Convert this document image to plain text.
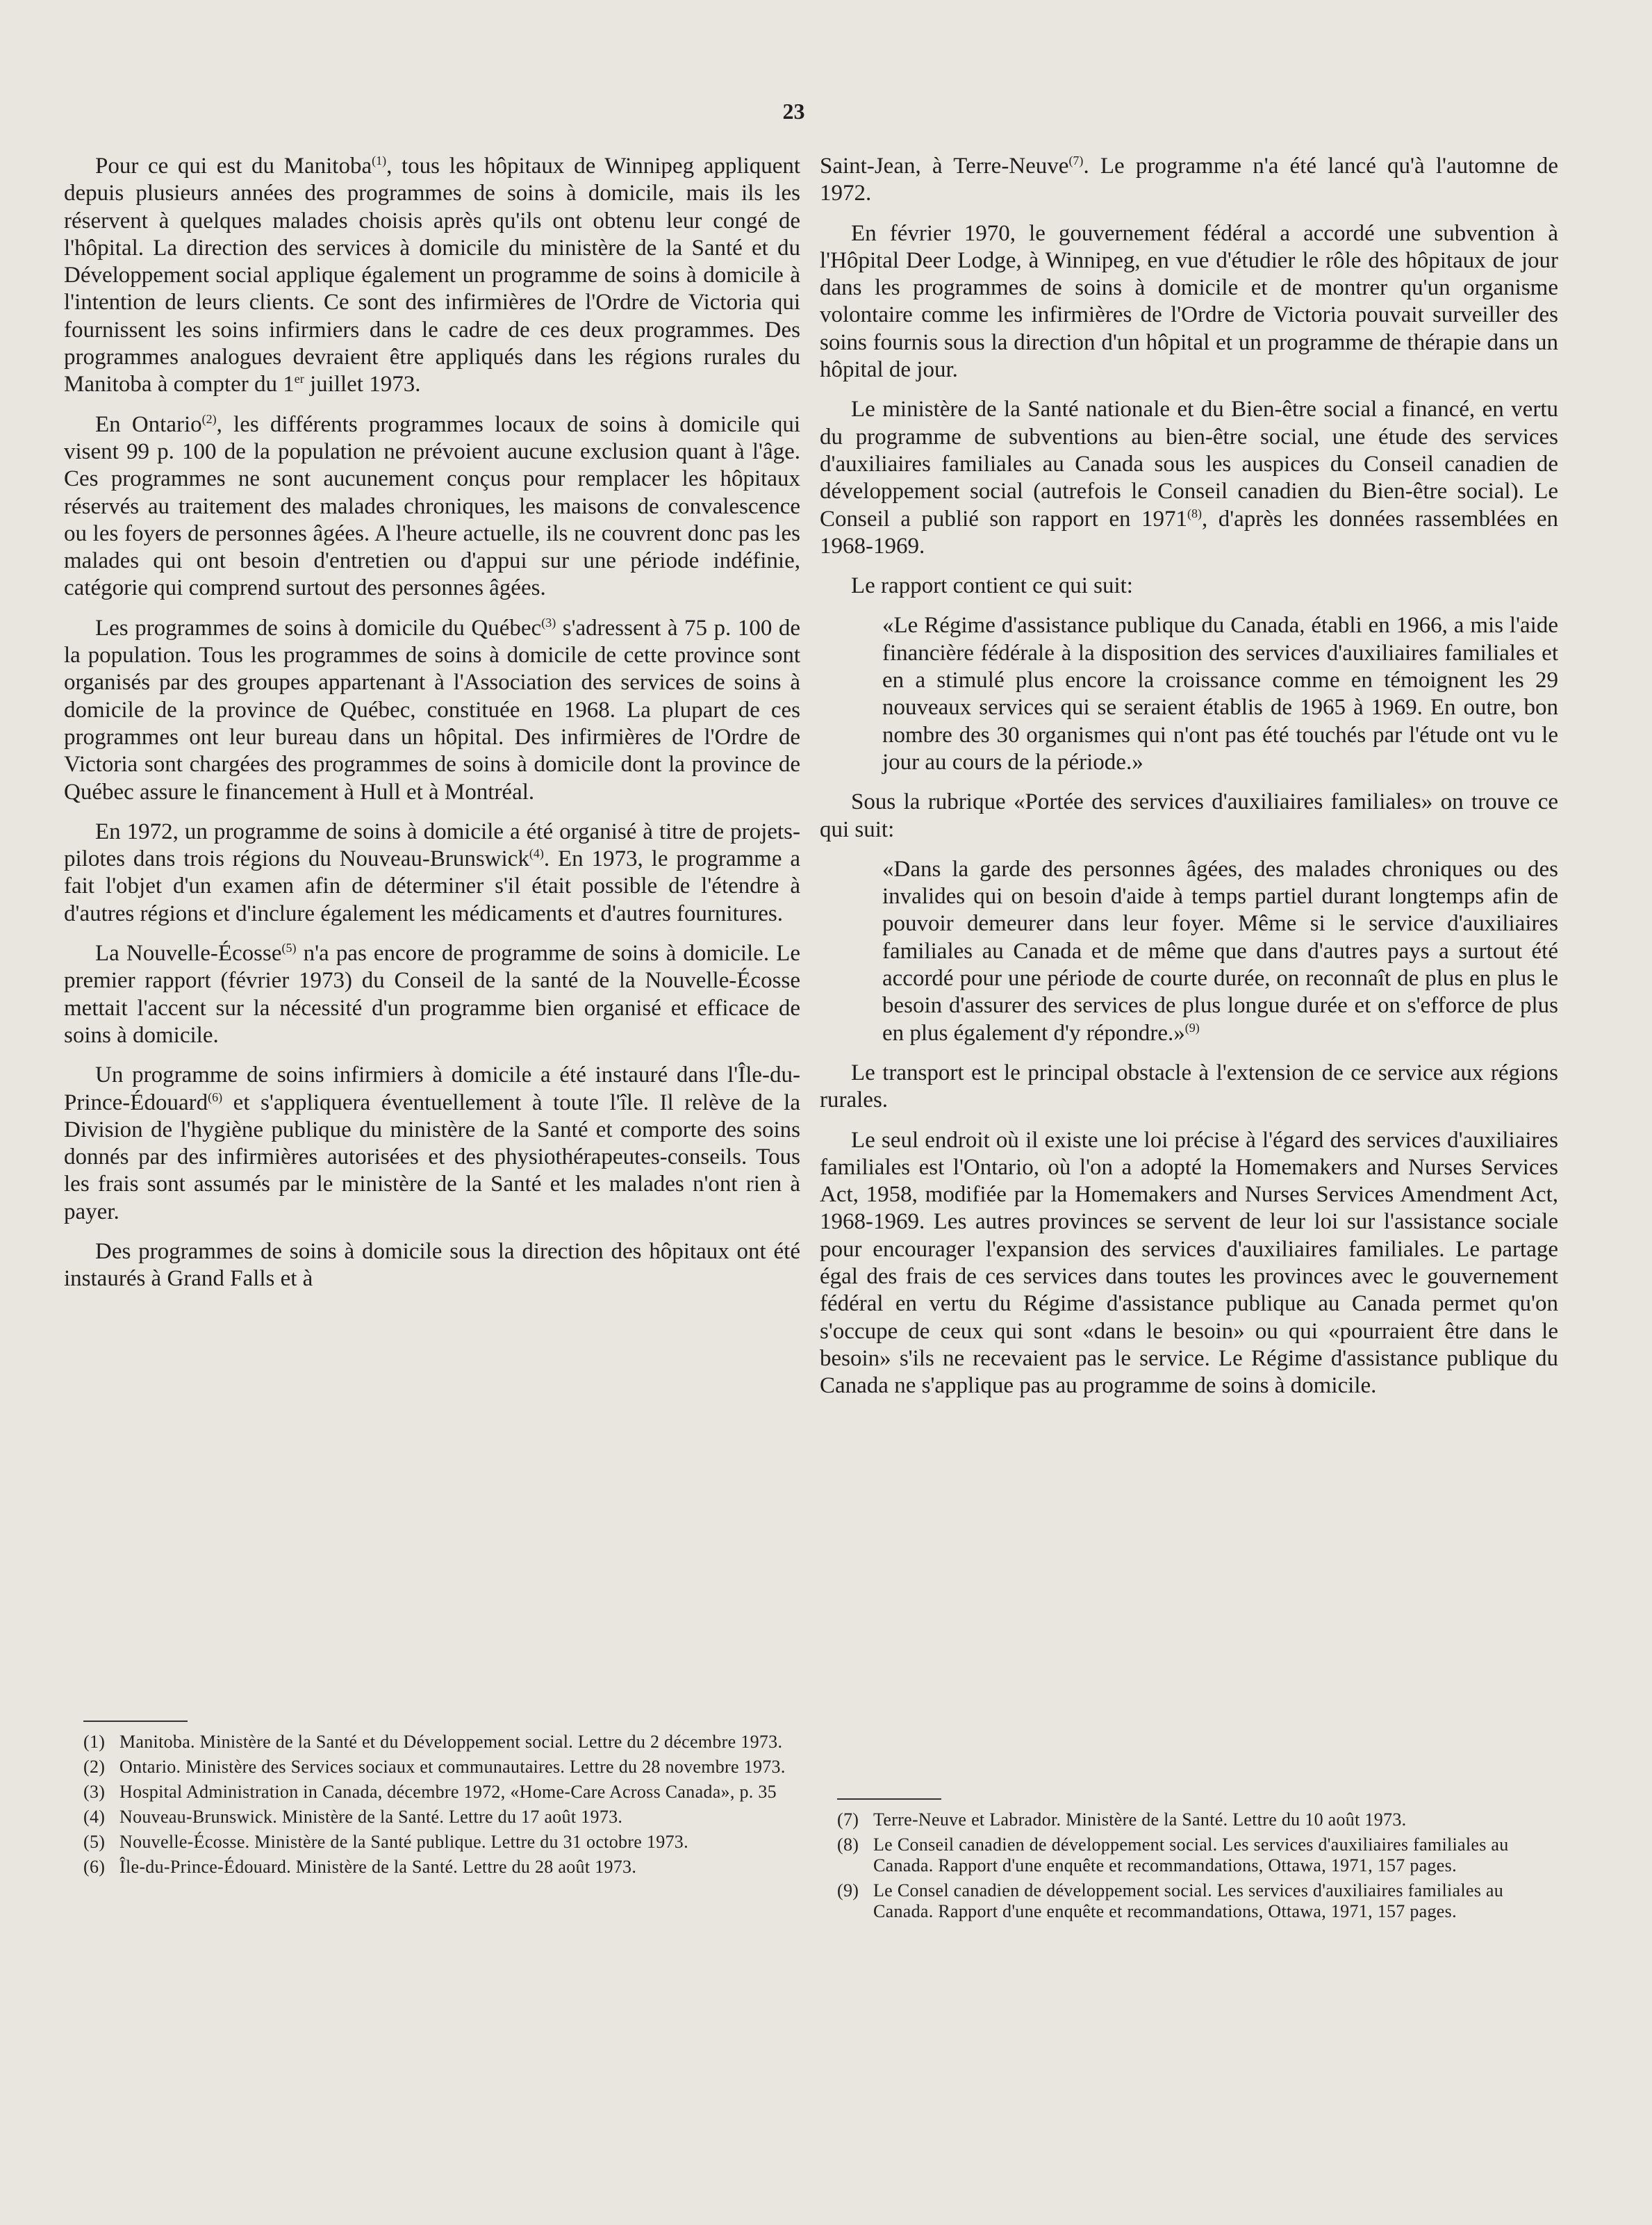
23

Pour ce qui est du Manitoba$^{(1)}$, tous les hôpitaux de Winnipeg appliquent depuis plusieurs années des programmes de soins à domicile, mais ils les réservent à quelques malades choisis après qu'ils ont obtenu leur congé de l'hôpital. La direction des services à domicile du ministère de la Santé et du Développement social applique également un programme de soins à domicile à l'intention de leurs clients. Ce sont des infirmières de l'Ordre de Victoria qui fournissent les soins infirmiers dans le cadre de ces deux programmes. Des programmes analogues devraient être appliqués dans les régions rurales du Manitoba à compter du 1er juillet 1973.

En Ontario$^{(2)}$, les différents programmes locaux de soins à domicile qui visent 99 p. 100 de la population ne prévoient aucune exclusion quant à l'âge. Ces programmes ne sont aucunement conçus pour remplacer les hôpitaux réservés au traitement des malades chroniques, les maisons de convalescence ou les foyers de personnes âgées. A l'heure actuelle, ils ne couvrent donc pas les malades qui ont besoin d'entretien ou d'appui sur une période indéfinie, catégorie qui comprend surtout des personnes âgées.

Les programmes de soins à domicile du Québec$^{(3)}$ s'adressent à 75 p. 100 de la population. Tous les programmes de soins à domicile de cette province sont organisés par des groupes appartenant à l'Association des services de soins à domicile de la province de Québec, constituée en 1968. La plupart de ces programmes ont leur bureau dans un hôpital. Des infirmières de l'Ordre de Victoria sont chargées des programmes de soins à domicile dont la province de Québec assure le financement à Hull et à Montréal.

En 1972, un programme de soins à domicile a été organisé à titre de projets-pilotes dans trois régions du Nouveau-Brunswick$^{(4)}$. En 1973, le programme a fait l'objet d'un examen afin de déterminer s'il était possible de l'étendre à d'autres régions et d'inclure également les médicaments et d'autres fournitures.

La Nouvelle-Écosse$^{(5)}$ n'a pas encore de programme de soins à domicile. Le premier rapport (février 1973) du Conseil de la santé de la Nouvelle-Écosse mettait l'accent sur la nécessité d'un programme bien organisé et efficace de soins à domicile.

Un programme de soins infirmiers à domicile a été instauré dans l'Île-du-Prince-Édouard$^{(6)}$ et s'appliquera éventuellement à toute l'île. Il relève de la Division de l'hygiène publique du ministère de la Santé et comporte des soins donnés par des infirmières autorisées et des physiothérapeutes-conseils. Tous les frais sont assumés par le ministère de la Santé et les malades n'ont rien à payer.

Des programmes de soins à domicile sous la direction des hôpitaux ont été instaurés à Grand Falls et à

Saint-Jean, à Terre-Neuve$^{(7)}$. Le programme n'a été lancé qu'à l'automne de 1972.

En février 1970, le gouvernement fédéral a accordé une subvention à l'Hôpital Deer Lodge, à Winnipeg, en vue d'étudier le rôle des hôpitaux de jour dans les programmes de soins à domicile et de montrer qu'un organisme volontaire comme les infirmières de l'Ordre de Victoria pouvait surveiller des soins fournis sous la direction d'un hôpital et un programme de thérapie dans un hôpital de jour.

Le ministère de la Santé nationale et du Bien-être social a financé, en vertu du programme de subventions au bien-être social, une étude des services d'auxiliaires familiales au Canada sous les auspices du Conseil canadien de développement social (autrefois le Conseil canadien du Bien-être social). Le Conseil a publié son rapport en 1971$^{(8)}$, d'après les données rassemblées en 1968-1969.

Le rapport contient ce qui suit:

«Le Régime d'assistance publique du Canada, établi en 1966, a mis l'aide financière fédérale à la disposition des services d'auxiliaires familiales et en a stimulé plus encore la croissance comme en témoignent les 29 nouveaux services qui se seraient établis de 1965 à 1969. En outre, bon nombre des 30 organismes qui n'ont pas été touchés par l'étude ont vu le jour au cours de la période.»

Sous la rubrique «Portée des services d'auxiliaires familiales» on trouve ce qui suit:

«Dans la garde des personnes âgées, des malades chroniques ou des invalides qui on besoin d'aide à temps partiel durant longtemps afin de pouvoir demeurer dans leur foyer. Même si le service d'auxiliaires familiales au Canada et de même que dans d'autres pays a surtout été accordé pour une période de courte durée, on reconnaît de plus en plus le besoin d'assurer des services de plus longue durée et on s'efforce de plus en plus également d'y répondre.»$^{(9)}$

Le transport est le principal obstacle à l'extension de ce service aux régions rurales.

Le seul endroit où il existe une loi précise à l'égard des services d'auxiliaires familiales est l'Ontario, où l'on a adopté la Homemakers and Nurses Services Act, 1958, modifiée par la Homemakers and Nurses Services Amendment Act, 1968-1969. Les autres provinces se servent de leur loi sur l'assistance sociale pour encourager l'expansion des services d'auxiliaires familiales. Le partage égal des frais de ces services dans toutes les provinces avec le gouvernement fédéral en vertu du Régime d'assistance publique au Canada permet qu'on s'occupe de ceux qui sont «dans le besoin» ou qui «pourraient être dans le besoin» s'ils ne recevaient pas le service. Le Régime d'assistance publique du Canada ne s'applique pas au programme de soins à domicile.

(1) Manitoba. Ministère de la Santé et du Développement social. Lettre du 2 décembre 1973.
(2) Ontario. Ministère des Services sociaux et communautaires. Lettre du 28 novembre 1973.
(3) Hospital Administration in Canada, décembre 1972, «Home-Care Across Canada», p. 35
(4) Nouveau-Brunswick. Ministère de la Santé. Lettre du 17 août 1973.
(5) Nouvelle-Écosse. Ministère de la Santé publique. Lettre du 31 octobre 1973.
(6) Île-du-Prince-Édouard. Ministère de la Santé. Lettre du 28 août 1973.
(7) Terre-Neuve et Labrador. Ministère de la Santé. Lettre du 10 août 1973.
(8) Le Conseil canadien de développement social. Les services d'auxiliaires familiales au Canada. Rapport d'une enquête et recommandations, Ottawa, 1971, 157 pages.
(9) Le Consel canadien de développement social. Les services d'auxiliaires familiales au Canada. Rapport d'une enquête et recommandations, Ottawa, 1971, 157 pages.
